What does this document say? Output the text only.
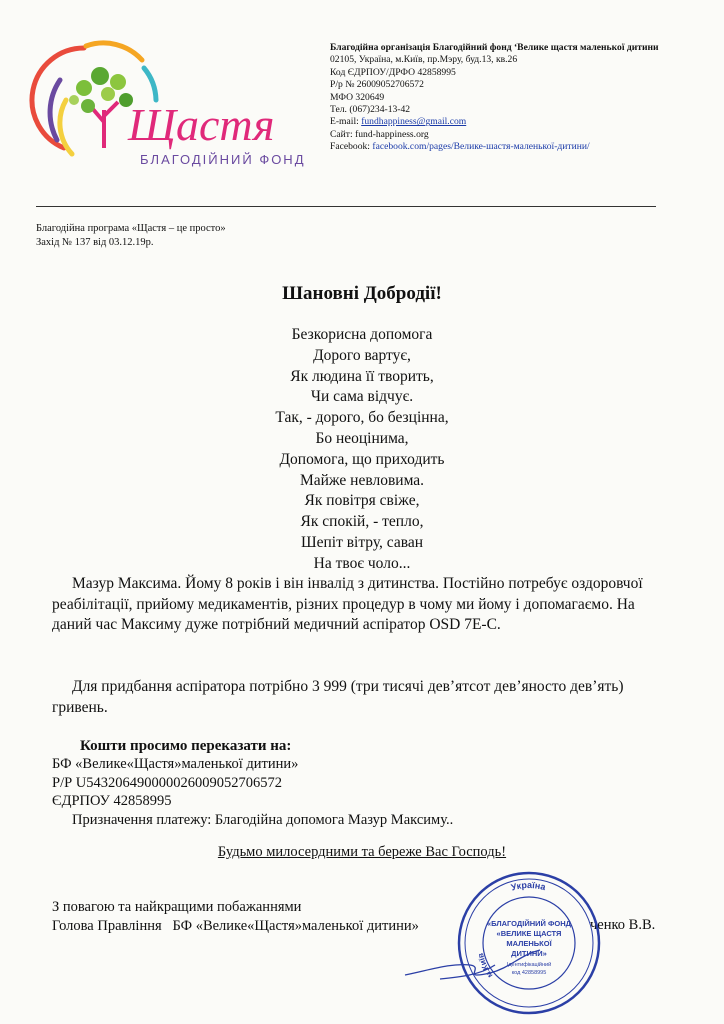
Щастя
БЛАГОДІЙНИЙ ФОНД
Благодійна організація Благодійний фонд ‘Велике щастя маленької дитини
02105, Україна, м.Київ, пр.Мэру, буд.13, кв.26
Код ЄДРПОУ/ДРФО 42858995
Р/р № 26009052706572
МФО 320649
Тел. (067)234-13-42
E-mail: fundhappiness@gmail.com
Сайт: fund-happiness.org
Facebook: facebook.com/pages/Велике-шастя-маленької-дитини/
Благодійна програма «Щастя – це просто»
Захід № 137 від 03.12.19р.
Шановні Добродії!
Безкорисна допомога
Дорого вартує,
Як людина її творить,
Чи сама відчує.
Так, - дорого, бо безцінна,
Бо неоцінима,
Допомога, що приходить
Майже невловима.
Як повітря свіже,
Як спокій, - тепло,
Шепіт вітру, саван
На твоє чоло...
Мазур Максима. Йому 8 років і він інвалід з дитинства. Постійно потребує оздоровчої реабілітації, прийому медикаментів, різних процедур в чому ми йому і допомагаємо. На даний час Максиму дуже потрібний медичний аспіратор OSD 7E-C.
Для придбання аспіратора потрібно 3 999 (три тисячі дев’ятсот дев’яносто дев’ять) гривень.
Кошти просимо переказати на:
БФ «Велике«Щастя»маленької дитини»
Р/Р U543206490000026009052706572
ЄДРПОУ 42858995
Призначення платежу: Благодійна допомога Мазур Максиму..
Будьмо милосердними та береже Вас Господь!
З повагою та найкращими побажаннями
Голова Правління   БФ «Велике«Щастя»маленької дитини»	ченко В.В.
Україна
м.Київ
«БЛАГОДІЙНИЙ ФОНД
«ВЕЛИКЕ ЩАСТЯ
МАЛЕНЬКОЇ
ДИТИНИ»
Ідентифікаційний
код 42858995
